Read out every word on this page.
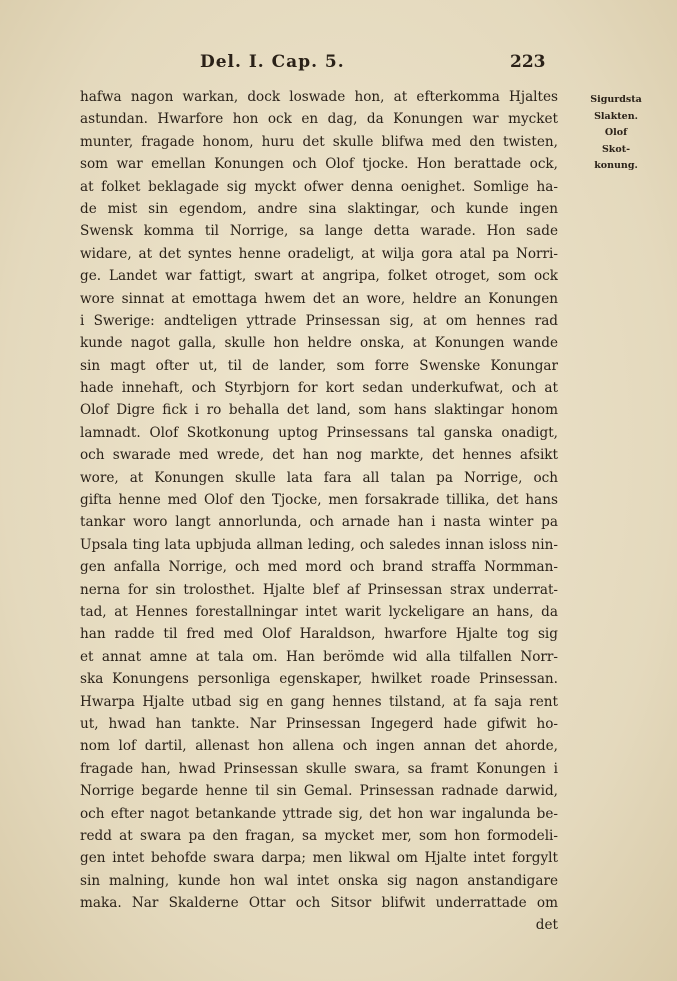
Del. I. Cap. 5.	223
Sigurdsta
Slakten.
Olof
Skot-
konung.
hafwa nagon warkan, dock loswade hon, at efterkomma Hjaltes
astundan. Hwarfore hon ock en dag, da Konungen war mycket
munter, fragade honom, huru det skulle blifwa med den twisten,
som war emellan Konungen och Olof tjocke. Hon berattade ock,
at folket beklagade sig myckt ofwer denna oenighet. Somlige ha-
de mist sin egendom, andre sina slaktingar, och kunde ingen
Swensk komma til Norrige, sa lange detta warade. Hon sade
widare, at det syntes henne oradeligt, at wilja gora atal pa Norri-
ge. Landet war fattigt, swart at angripa, folket otroget, som ock
wore sinnat at emottaga hwem det an wore, heldre an Konungen
i Swerige: andteligen yttrade Prinsessan sig, at om hennes rad
kunde nagot galla, skulle hon heldre onska, at Konungen wande
sin magt ofter ut, til de lander, som forre Swenske Konungar
hade innehaft, och Styrbjorn for kort sedan underkufwat, och at
Olof Digre fick i ro behalla det land, som hans slaktingar honom
lamnadt. Olof Skotkonung uptog Prinsessans tal ganska onadigt,
och swarade med wrede, det han nog markte, det hennes afsikt
wore, at Konungen skulle lata fara all talan pa Norrige, och
gifta henne med Olof den Tjocke, men forsakrade tillika, det hans
tankar woro langt annorlunda, och arnade han i nasta winter pa
Upsala ting lata upbjuda allman leding, och saledes innan isloss nin-
gen anfalla Norrige, och med mord och brand straffa Normman-
nerna for sin trolosthet. Hjalte blef af Prinsessan strax underrat-
tad, at Hennes forestallningar intet warit lyckeligare an hans, da
han radde til fred med Olof Haraldson, hwarfore Hjalte tog sig
et annat amne at tala om. Han berömde wid alla tilfallen Norr-
ska Konungens personliga egenskaper, hwilket roade Prinsessan.
Hwarpa Hjalte utbad sig en gang hennes tilstand, at fa saja rent
ut, hwad han tankte. Nar Prinsessan Ingegerd hade gifwit ho-
nom lof dartil, allenast hon allena och ingen annan det ahorde,
fragade han, hwad Prinsessan skulle swara, sa framt Konungen i
Norrige begarde henne til sin Gemal. Prinsessan radnade darwid,
och efter nagot betankande yttrade sig, det hon war ingalunda be-
redd at swara pa den fragan, sa mycket mer, som hon formodeli-
gen intet behofde swara darpa; men likwal om Hjalte intet forgylt
sin malning, kunde hon wal intet onska sig nagon anstandigare
maka. Nar Skalderne Ottar och Sitsor blifwit underrattade om
det
